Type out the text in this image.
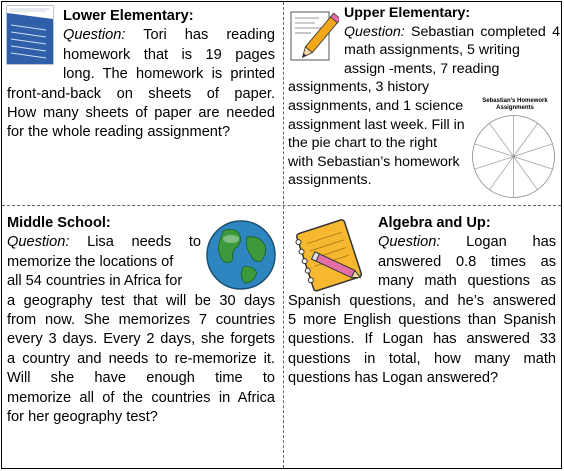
Lower Elementary:
Question: Tori has reading
homework that is 19 pages
long. The homework is printed
front-and-back on sheets of paper.
How many sheets of paper are needed
for the whole reading assignment?
Upper Elementary:
Question: Sebastian completed 4
math assignments, 5 writing
assign -ments, 7 reading
assignments, 3 history
assignments, and 1 science
assignment last week. Fill in
the pie chart to the right
with Sebastian’s homework
assignments.
Sebastian’s Homework
Assignments
Middle School:
Question: Lisa needs to
memorize the locations of
all 54 countries in Africa for
a geography test that will be 30 days
from now. She memorizes 7 countries
every 3 days. Every 2 days, she forgets
a country and needs to re-memorize it.
Will she have enough time to
memorize all of the countries in Africa
for her geography test?
Algebra and Up:
Question: Logan has
answered 0.8 times as
many math questions as
Spanish questions, and he’s answered
5 more English questions than Spanish
questions. If Logan has answered 33
questions in total, how many math
questions has Logan answered?
